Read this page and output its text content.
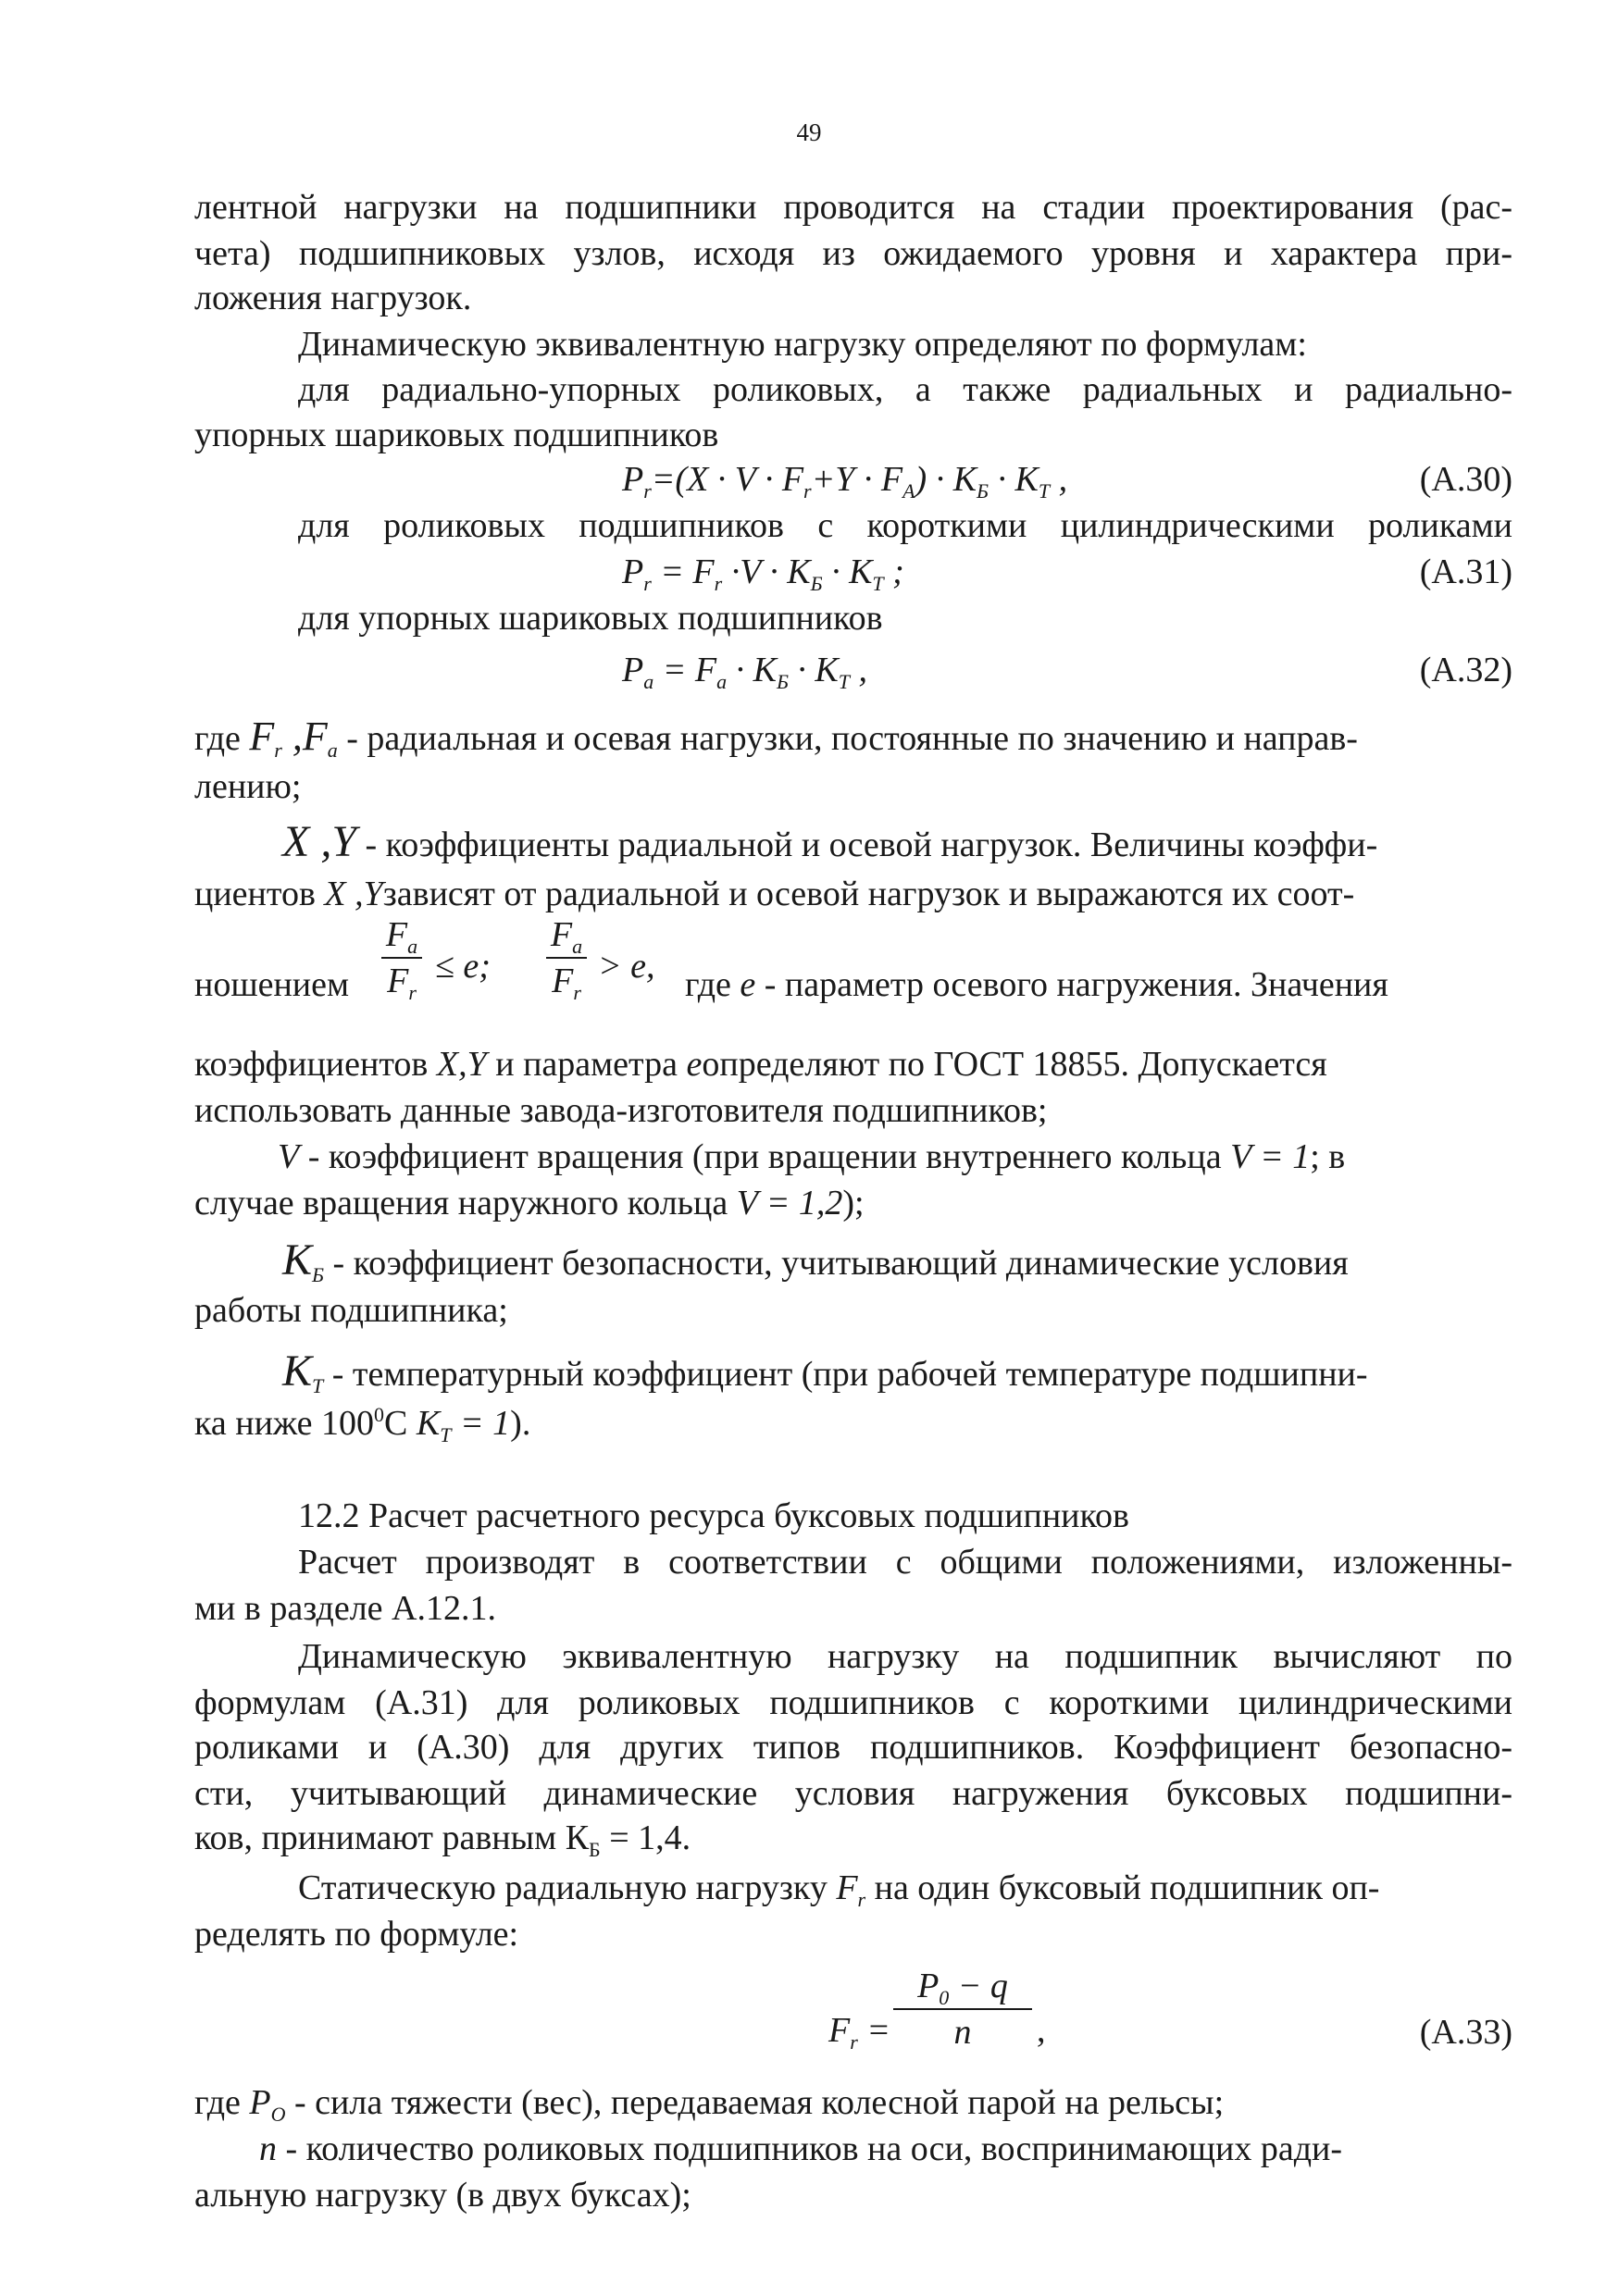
49
лентной нагрузки на подшипники проводится на стадии проектирования (рас-
чета) подшипниковых узлов, исходя из ожидаемого уровня и характера при-
ложения нагрузок.
Динамическую эквивалентную нагрузку определяют по формулам:
для радиально-упорных роликовых, а также радиальных и радиально-
упорных шариковых подшипников
$P_r=(X \cdot V \cdot F_r+Y \cdot F_A) \cdot K_Б \cdot K_T$ ,	(А.30)
для роликовых подшипников с короткими цилиндрическими роликами
$P_r = F_r \cdot V \cdot K_Б \cdot K_T$ ;	(А.31)
для упорных шариковых подшипников
$P_a = F_a \cdot K_Б \cdot K_T$ ,	(А.32)
где $F_r$ $,F_a$ - радиальная и осевая нагрузки, постоянные по значению и направ-
лению;
X ,Y - коэффициенты радиальной и осевой нагрузок. Величины коэффи-
циентов X ,Yзависят от радиальной и осевой нагрузок и выражаются их соот-
ношением
$F_a$
$F_r$
≤ e;
$F_a$
$F_r$
> e, где e - параметр осевого нагружения. Значения
коэффициентов X,Y и параметра eопределяют по ГОСТ 18855. Допускается
использовать данные завода-изготовителя подшипников;
V - коэффициент вращения (при вращении внутреннего кольца V = 1; в
случае вращения наружного кольца V = 1,2);
$K_Б$ - коэффициент безопасности, учитывающий динамические условия
работы подшипника;
$K_T$ - температурный коэффициент (при рабочей температуре подшипни-
ка ниже $100^0С$ $K_T = 1$).
12.2 Расчет расчетного ресурса буксовых подшипников
Расчет производят в соответствии с общими положениями, изложенны-
ми в разделе А.12.1.
Динамическую эквивалентную нагрузку на подшипник вычисляют по
формулам (А.31) для роликовых подшипников с короткими цилиндрическими
роликами и (А.30) для других типов подшипников. Коэффициент безопасно-
сти, учитывающий динамические условия нагружения буксовых подшипни-
ков, принимают равным $К_Б = 1,4$.
Статическую радиальную нагрузку $F_r$ на один буксовый подшипник оп-
ределять по формуле:
$F_r$ =
$P_0 - q$
n	,	(А.33)
где $P_O$ - сила тяжести (вес), передаваемая колесной парой на рельсы;
n - количество роликовых подшипников на оси, воспринимающих ради-
альную нагрузку (в двух буксах);
